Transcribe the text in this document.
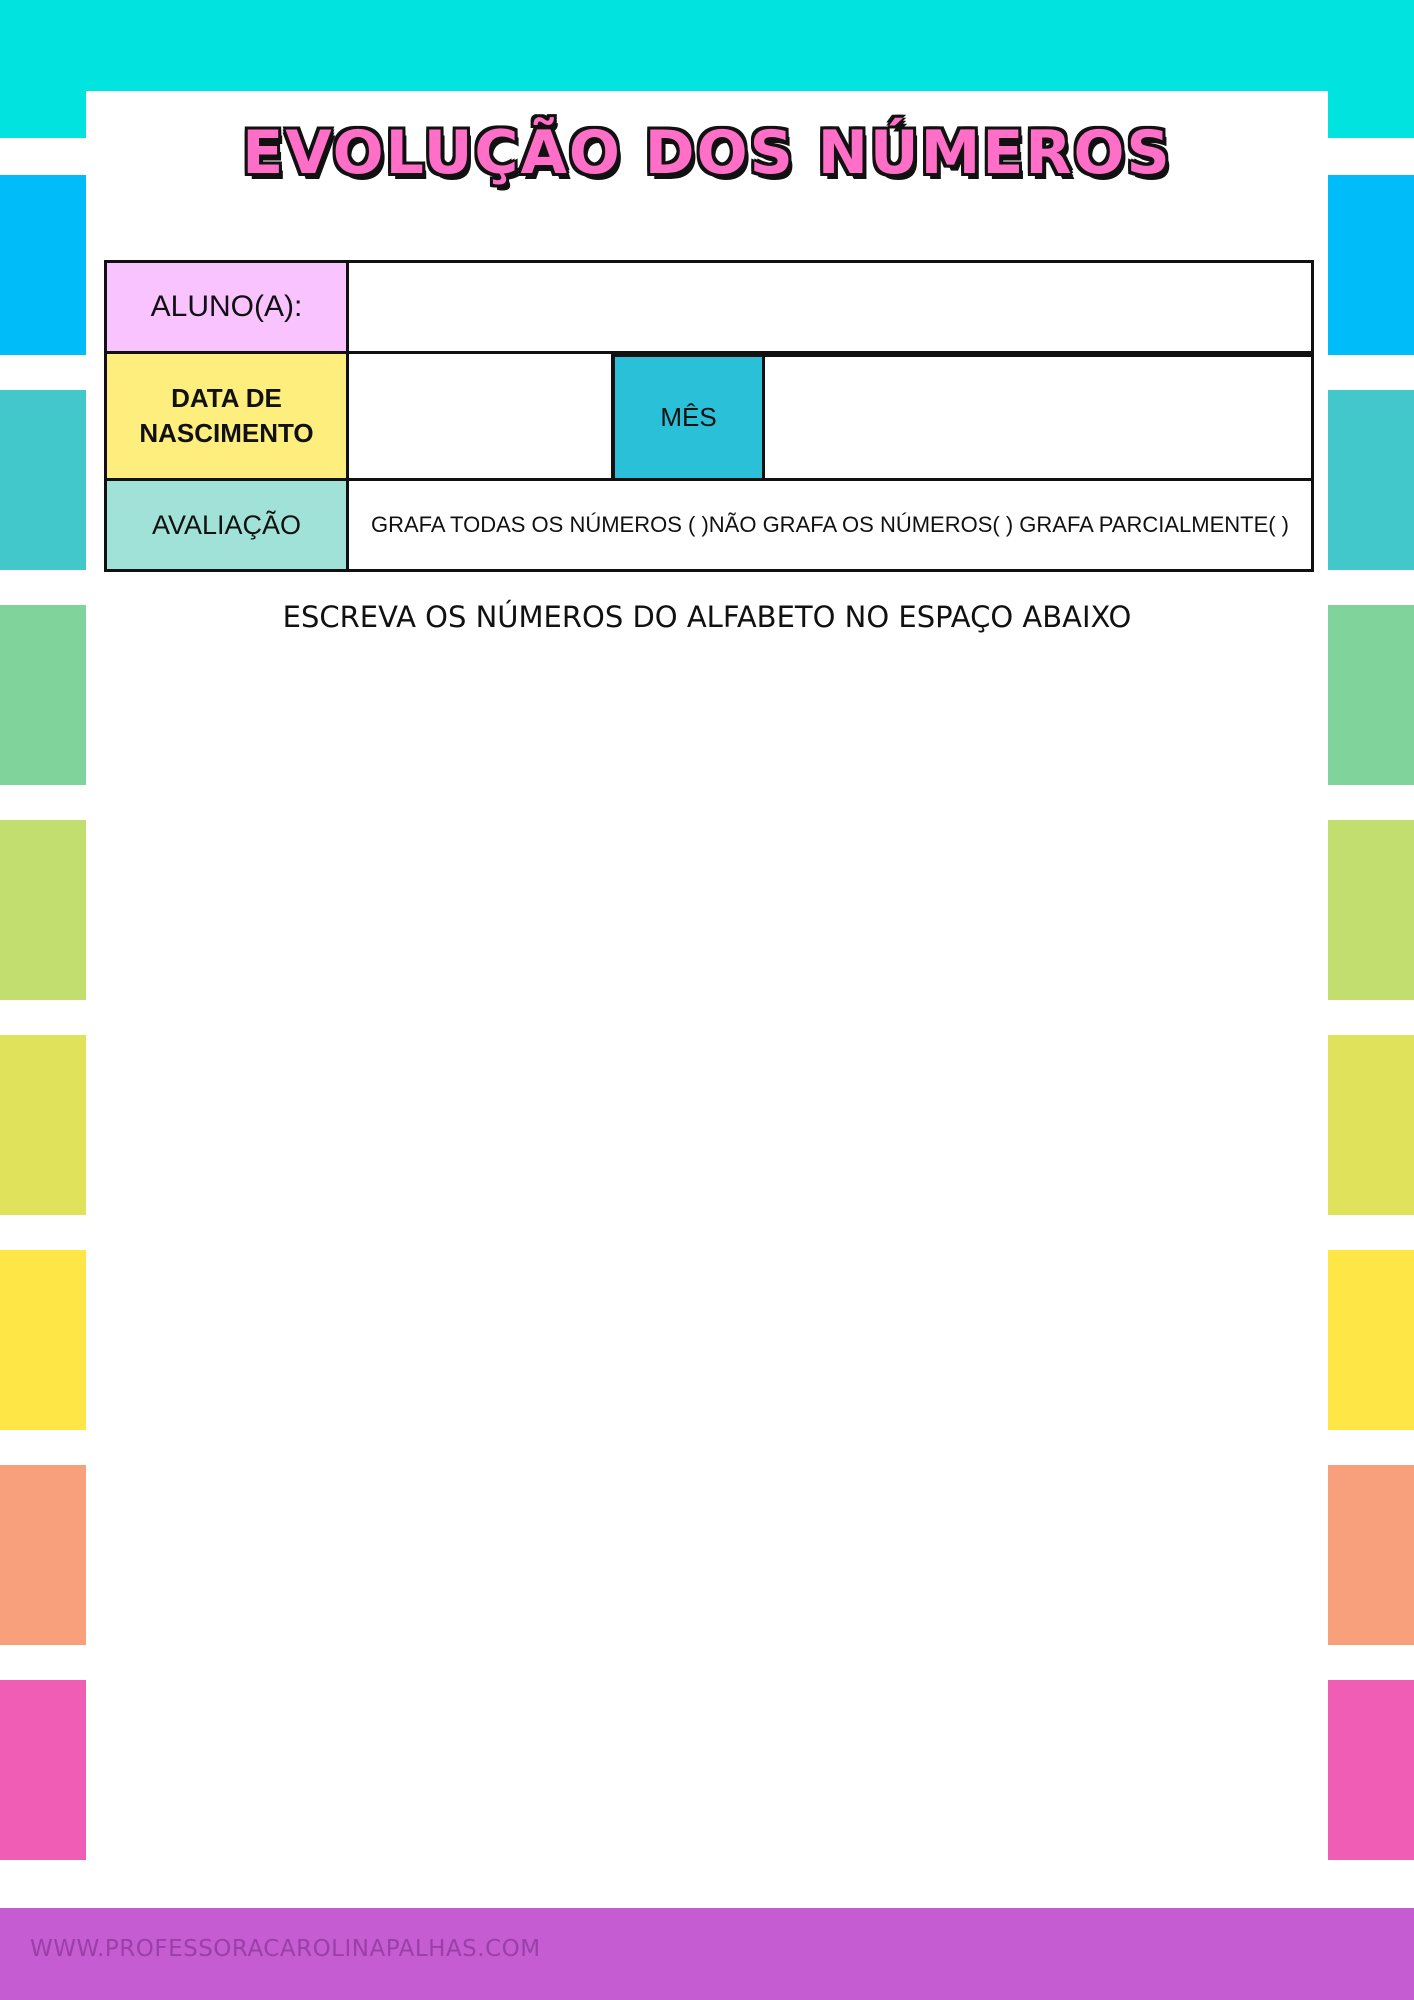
EVOLUÇÃO DOS NÚMEROS
ALUNO(A):
DATA DE NASCIMENTO
MÊS
AVALIAÇÃO	GRAFA TODAS OS NÚMEROS ( )NÃO GRAFA OS NÚMEROS( ) GRAFA PARCIALMENTE( )
ESCREVA OS NÚMEROS DO ALFABETO NO ESPAÇO ABAIXO
WWW.PROFESSORACAROLINAPALHAS.COM
